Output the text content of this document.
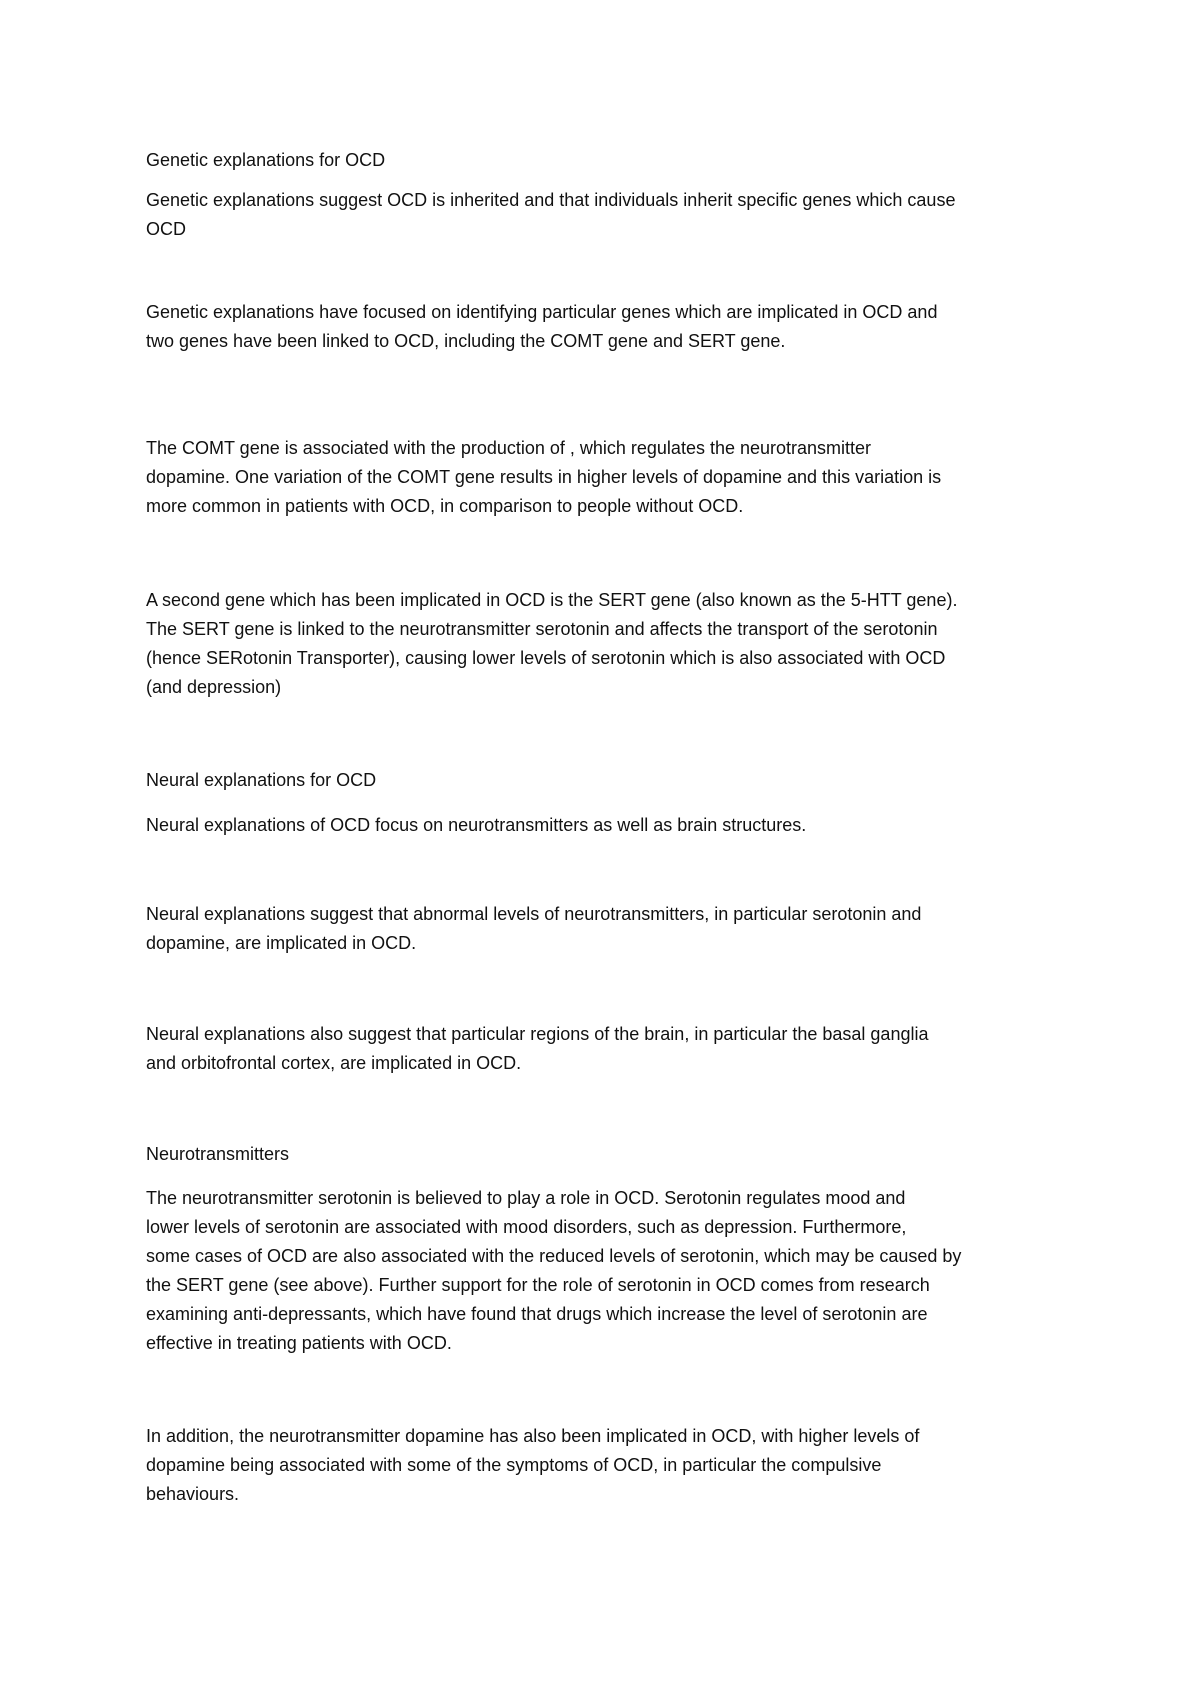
Genetic explanations for OCD

Genetic explanations suggest OCD is inherited and that individuals inherit specific genes which cause
OCD

Genetic explanations have focused on identifying particular genes which are implicated in OCD and
two genes have been linked to OCD, including the COMT gene and SERT gene.

The COMT gene is associated with the production of , which regulates the neurotransmitter
dopamine. One variation of the COMT gene results in higher levels of dopamine and this variation is
more common in patients with OCD, in comparison to people without OCD.

A second gene which has been implicated in OCD is the SERT gene (also known as the 5-HTT gene).
The SERT gene is linked to the neurotransmitter serotonin and affects the transport of the serotonin
(hence SERotonin Transporter), causing lower levels of serotonin which is also associated with OCD
(and depression)

Neural explanations for OCD

Neural explanations of OCD focus on neurotransmitters as well as brain structures.

Neural explanations suggest that abnormal levels of neurotransmitters, in particular serotonin and
dopamine, are implicated in OCD.

Neural explanations also suggest that particular regions of the brain, in particular the basal ganglia
and orbitofrontal cortex, are implicated in OCD.

Neurotransmitters

The neurotransmitter serotonin is believed to play a role in OCD. Serotonin regulates mood and
lower levels of serotonin are associated with mood disorders, such as depression. Furthermore,
some cases of OCD are also associated with the reduced levels of serotonin, which may be caused by
the SERT gene (see above). Further support for the role of serotonin in OCD comes from research
examining anti-depressants, which have found that drugs which increase the level of serotonin are
effective in treating patients with OCD.

In addition, the neurotransmitter dopamine has also been implicated in OCD, with higher levels of
dopamine being associated with some of the symptoms of OCD, in particular the compulsive
behaviours.
